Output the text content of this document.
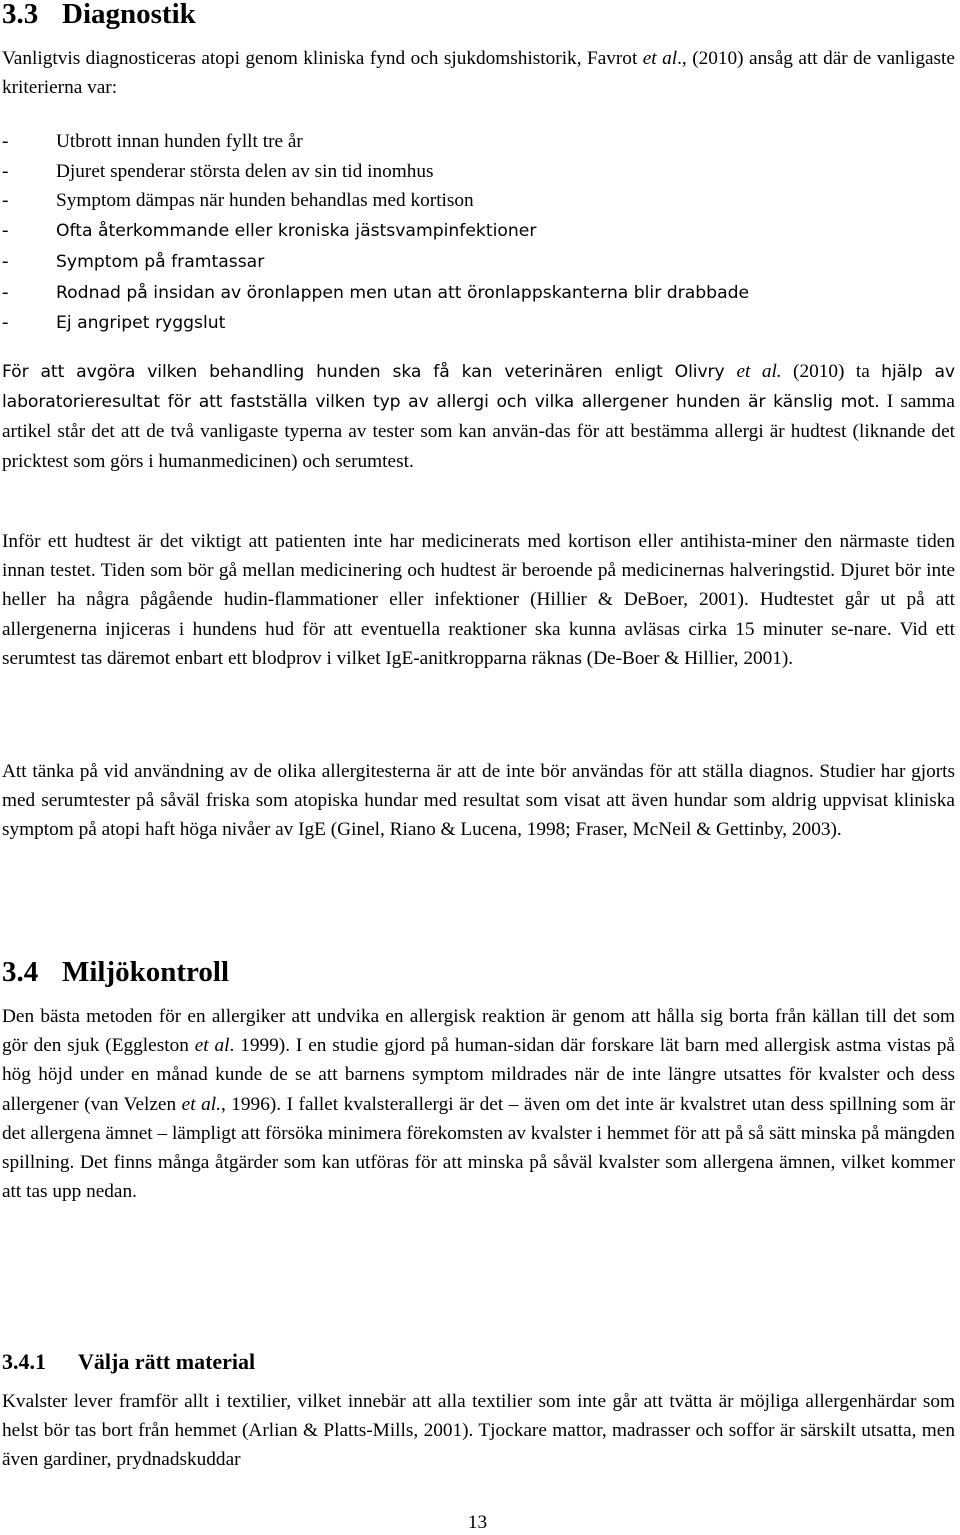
3.3 Diagnostik

Vanligtvis diagnosticeras atopi genom kliniska fynd och sjukdomshistorik, Favrot et al., (2010) ansåg att där de vanligaste kriterierna var:

- Utbrott innan hunden fyllt tre år
- Djuret spenderar största delen av sin tid inomhus
- Symptom dämpas när hunden behandlas med kortison
-	Ofta återkommande eller kroniska jästsvampinfektioner
-	Symptom på framtassar
-	Rodnad på insidan av öronlappen men utan att öronlappskanterna blir drabbade
-	Ej angripet ryggslut

För att avgöra vilken behandling hunden ska få kan veterinären enligt Olivry et al. (2010) ta hjälp av laboratorieresultat för att fastställa vilken typ av allergi och vilka allergener hunden är känslig mot. I samma artikel står det att de två vanligaste typerna av tester som kan använ-das för att bestämma allergi är hudtest (liknande det pricktest som görs i humanmedicinen) och serumtest.

Inför ett hudtest är det viktigt att patienten inte har medicinerats med kortison eller antihista-miner den närmaste tiden innan testet. Tiden som bör gå mellan medicinering och hudtest är beroende på medicinernas halveringstid. Djuret bör inte heller ha några pågående hudin-flammationer eller infektioner (Hillier & DeBoer, 2001). Hudtestet går ut på att allergenerna injiceras i hundens hud för att eventuella reaktioner ska kunna avläsas cirka 15 minuter se-nare. Vid ett serumtest tas däremot enbart ett blodprov i vilket IgE-anitkropparna räknas (De-Boer & Hillier, 2001).

Att tänka på vid användning av de olika allergitesterna är att de inte bör användas för att ställa diagnos. Studier har gjorts med serumtester på såväl friska som atopiska hundar med resultat som visat att även hundar som aldrig uppvisat kliniska symptom på atopi haft höga nivåer av IgE (Ginel, Riano & Lucena, 1998; Fraser, McNeil & Gettinby, 2003).

3.4 Miljökontroll

Den bästa metoden för en allergiker att undvika en allergisk reaktion är genom att hålla sig borta från källan till det som gör den sjuk (Eggleston et al. 1999). I en studie gjord på human-sidan där forskare lät barn med allergisk astma vistas på hög höjd under en månad kunde de se att barnens symptom mildrades när de inte längre utsattes för kvalster och dess allergener (van Velzen et al., 1996). I fallet kvalsterallergi är det – även om det inte är kvalstret utan dess spillning som är det allergena ämnet – lämpligt att försöka minimera förekomsten av kvalster i hemmet för att på så sätt minska på mängden spillning. Det finns många åtgärder som kan utföras för att minska på såväl kvalster som allergena ämnen, vilket kommer att tas upp nedan.

3.4.1 Välja rätt material

Kvalster lever framför allt i textilier, vilket innebär att alla textilier som inte går att tvätta är möjliga allergenhärdar som helst bör tas bort från hemmet (Arlian & Platts-Mills, 2001). Tjockare mattor, madrasser och soffor är särskilt utsatta, men även gardiner, prydnadskuddar

13
